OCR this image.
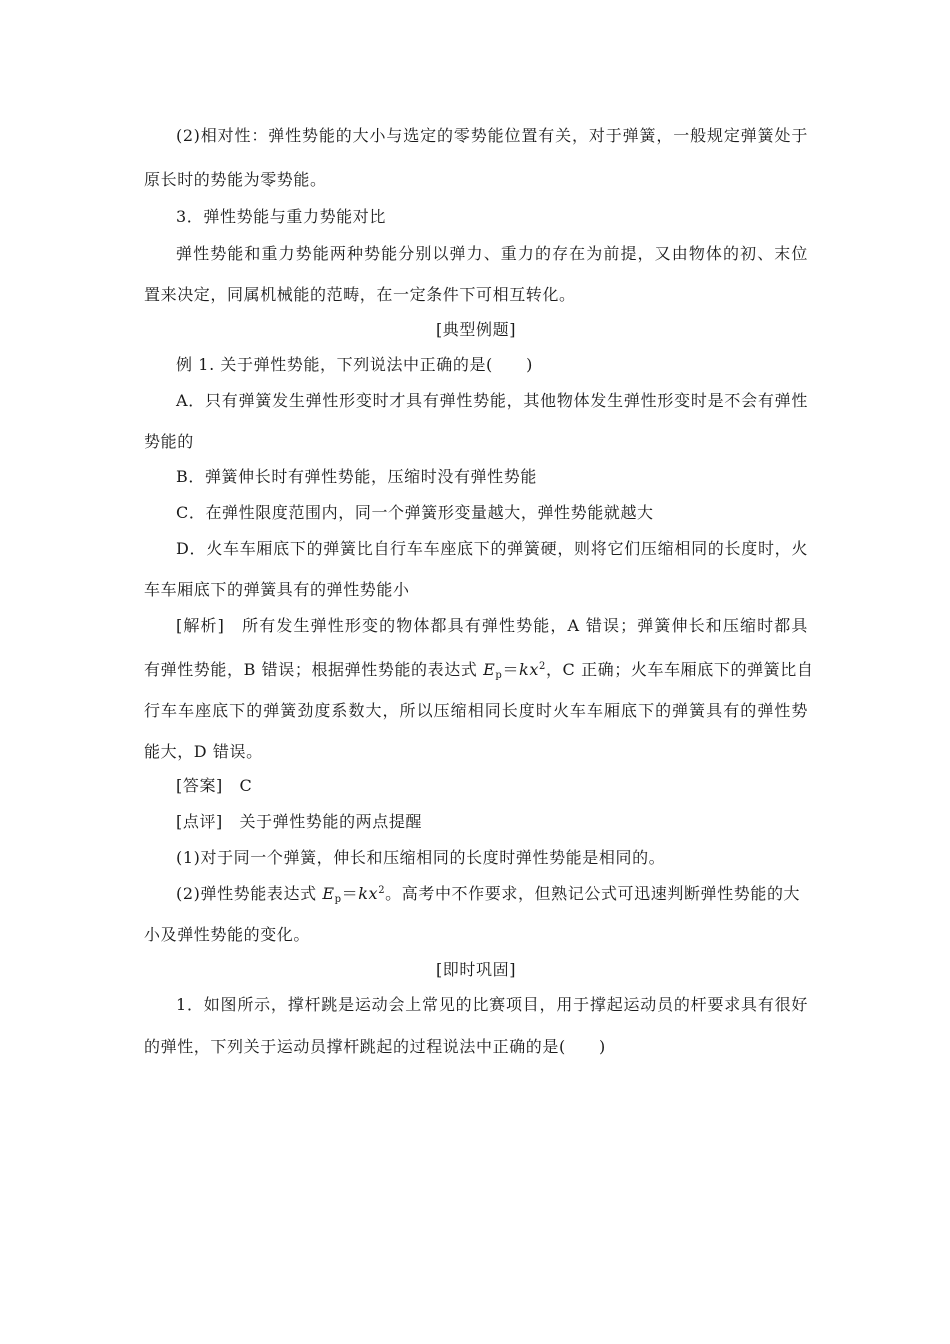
(2)相对性：弹性势能的大小与选定的零势能位置有关，对于弹簧，一般规定弹簧处于
原长时的势能为零势能。
3．弹性势能与重力势能对比
弹性势能和重力势能两种势能分别以弹力、重力的存在为前提，又由物体的初、末位
置来决定，同属机械能的范畴，在一定条件下可相互转化。
[典型例题]
例 1. 关于弹性势能，下列说法中正确的是(　　)
A．只有弹簧发生弹性形变时才具有弹性势能，其他物体发生弹性形变时是不会有弹性
势能的
B．弹簧伸长时有弹性势能，压缩时没有弹性势能
C．在弹性限度范围内，同一个弹簧形变量越大，弹性势能就越大
D．火车车厢底下的弹簧比自行车车座底下的弹簧硬，则将它们压缩相同的长度时，火
车车厢底下的弹簧具有的弹性势能小
[解析]　所有发生弹性形变的物体都具有弹性势能，A 错误；弹簧伸长和压缩时都具
有弹性势能，B 错误；根据弹性势能的表达式 $E_p=kx^2$，C 正确；火车车厢底下的弹簧比自
行车车座底下的弹簧劲度系数大，所以压缩相同长度时火车车厢底下的弹簧具有的弹性势
能大，D 错误。
[答案]　C
[点评]　关于弹性势能的两点提醒
(1)对于同一个弹簧，伸长和压缩相同的长度时弹性势能是相同的。
(2)弹性势能表达式 $E_p=kx^2$。高考中不作要求，但熟记公式可迅速判断弹性势能的大
小及弹性势能的变化。
[即时巩固]
1．如图所示，撑杆跳是运动会上常见的比赛项目，用于撑起运动员的杆要求具有很好
的弹性，下列关于运动员撑杆跳起的过程说法中正确的是(　　)
